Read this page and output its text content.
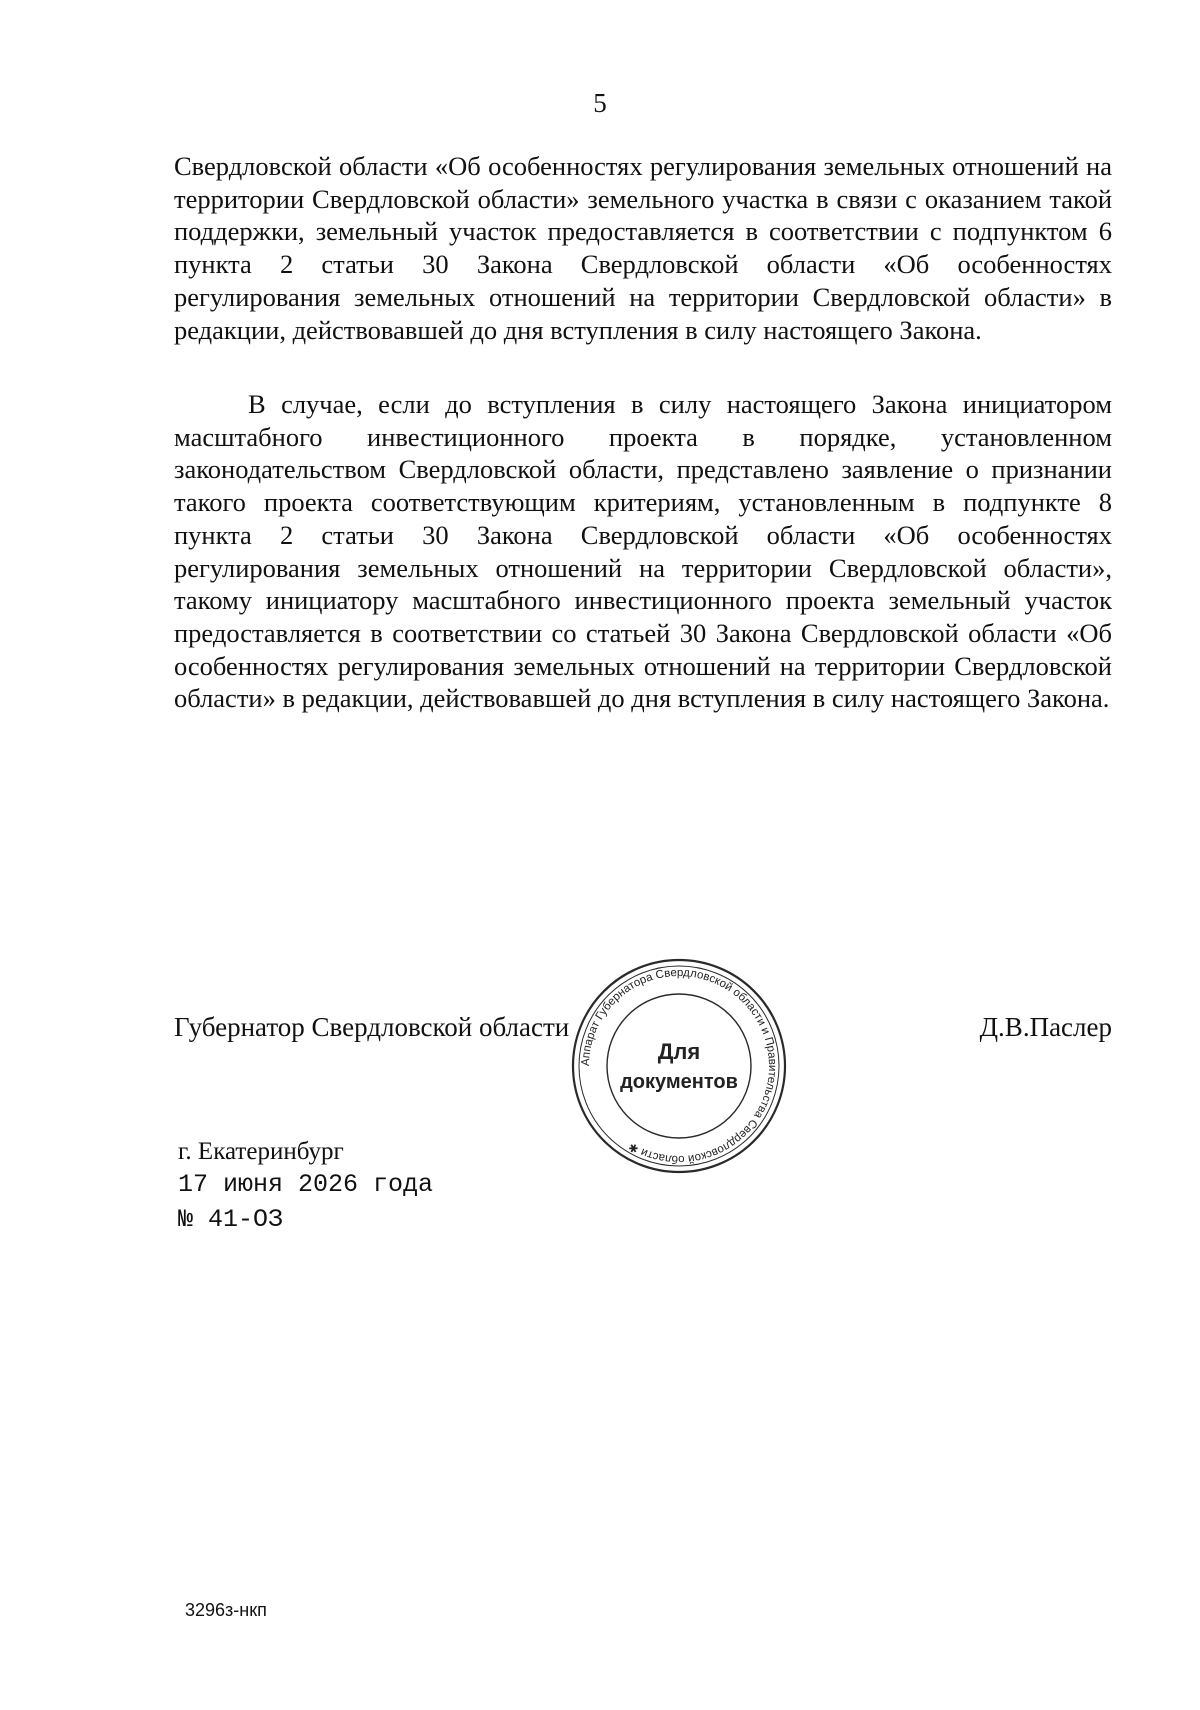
5

Свердловской области «Об особенностях регулирования земельных отношений на территории Свердловской области» земельного участка в связи с оказанием такой поддержки, земельный участок предоставляется в соответствии с подпунктом 6 пункта 2 статьи 30 Закона Свердловской области «Об особенностях регулирования земельных отношений на территории Свердловской области» в редакции, действовавшей до дня вступления в силу настоящего Закона.

В случае, если до вступления в силу настоящего Закона инициатором масштабного инвестиционного проекта в порядке, установленном законодательством Свердловской области, представлено заявление о признании такого проекта соответствующим критериям, установленным в подпункте 8 пункта 2 статьи 30 Закона Свердловской области «Об особенностях регулирования земельных отношений на территории Свердловской области», такому инициатору масштабного инвестиционного проекта земельный участок предоставляется в соответствии со статьей 30 Закона Свердловской области «Об особенностях регулирования земельных отношений на территории Свердловской области» в редакции, действовавшей до дня вступления в силу настоящего Закона.

Губернатор Свердловской области	Д.В.Паслер
Аппарат Губернатора Свердловской области и Правительства Свердловской области ✱
Для
документов
г. Екатеринбург
17 июня 2026 года
№ 41-ОЗ
3296з-нкп
